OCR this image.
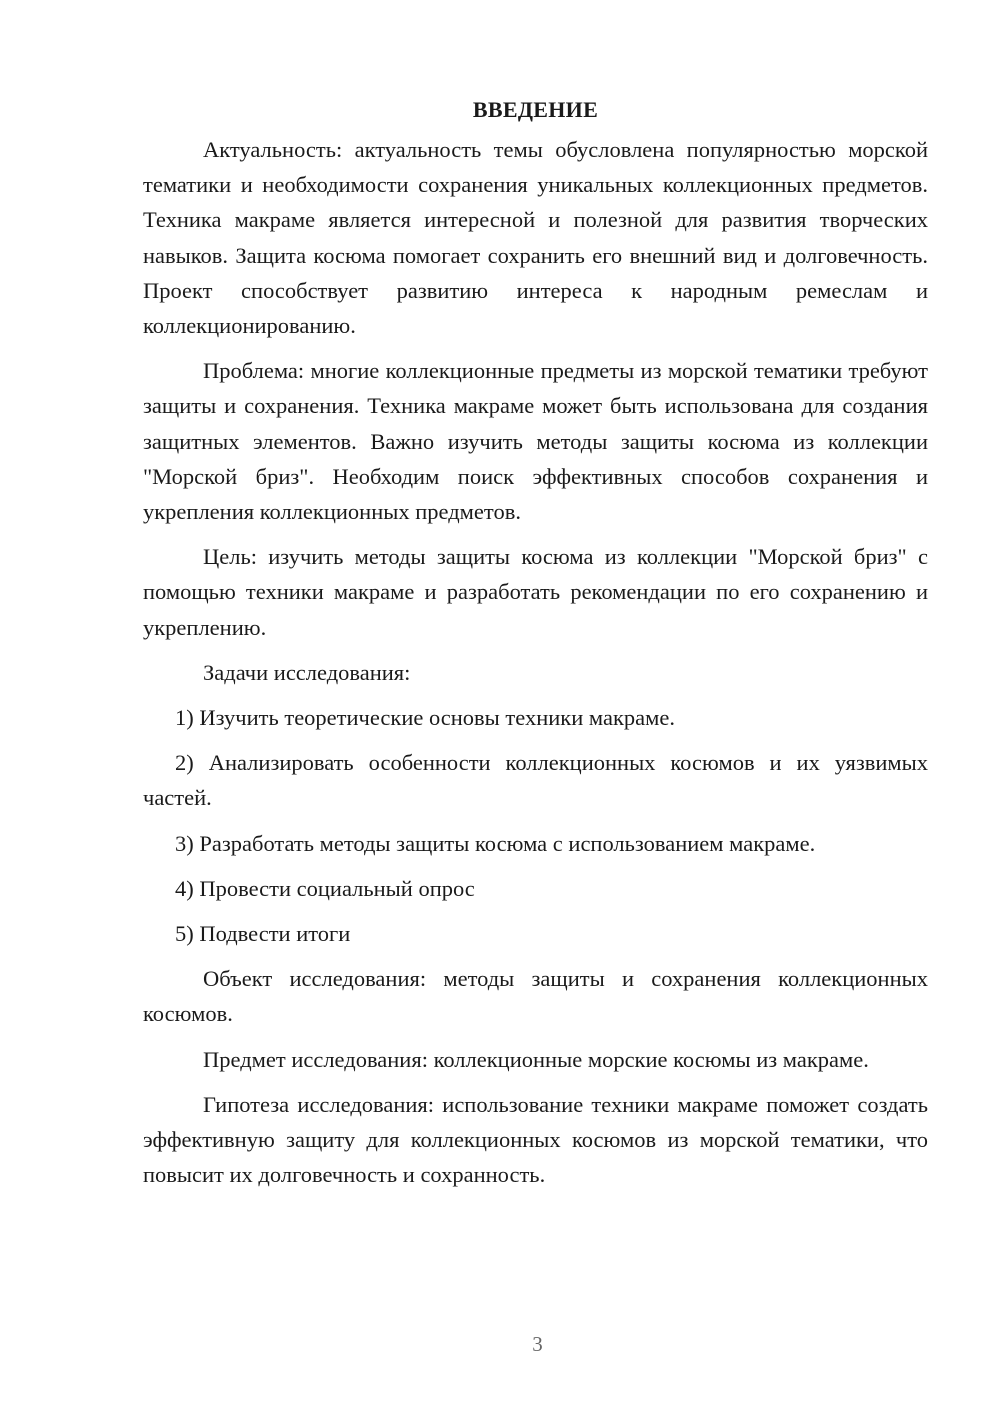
ВВЕДЕНИЕ

Актуальность: актуальность темы обусловлена популярностью морской тематики и необходимости сохранения уникальных коллекционных предметов. Техника макраме является интересной и полезной для развития творческих навыков. Защита косюма помогает сохранить его внешний вид и долговечность. Проект способствует развитию интереса к народным ремеслам и коллекционированию.

Проблема: многие коллекционные предметы из морской тематики требуют защиты и сохранения. Техника макраме может быть использована для создания защитных элементов. Важно изучить методы защиты косюма из коллекции "Морской бриз". Необходим поиск эффективных способов сохранения и укрепления коллекционных предметов.

Цель: изучить методы защиты косюма из коллекции "Морской бриз" с помощью техники макраме и разработать рекомендации по его сохранению и укреплению.

Задачи исследования:

1) Изучить теоретические основы техники макраме.

2) Анализировать особенности коллекционных косюмов и их уязвимых частей.

3) Разработать методы защиты косюма с использованием макраме.

4) Провести социальный опрос

5) Подвести итоги

Объект исследования: методы защиты и сохранения коллекционных косюмов.

Предмет исследования: коллекционные морские косюмы из макраме.

Гипотеза исследования: использование техники макраме поможет создать эффективную защиту для коллекционных косюмов из морской тематики, что повысит их долговечность и сохранность.

3
